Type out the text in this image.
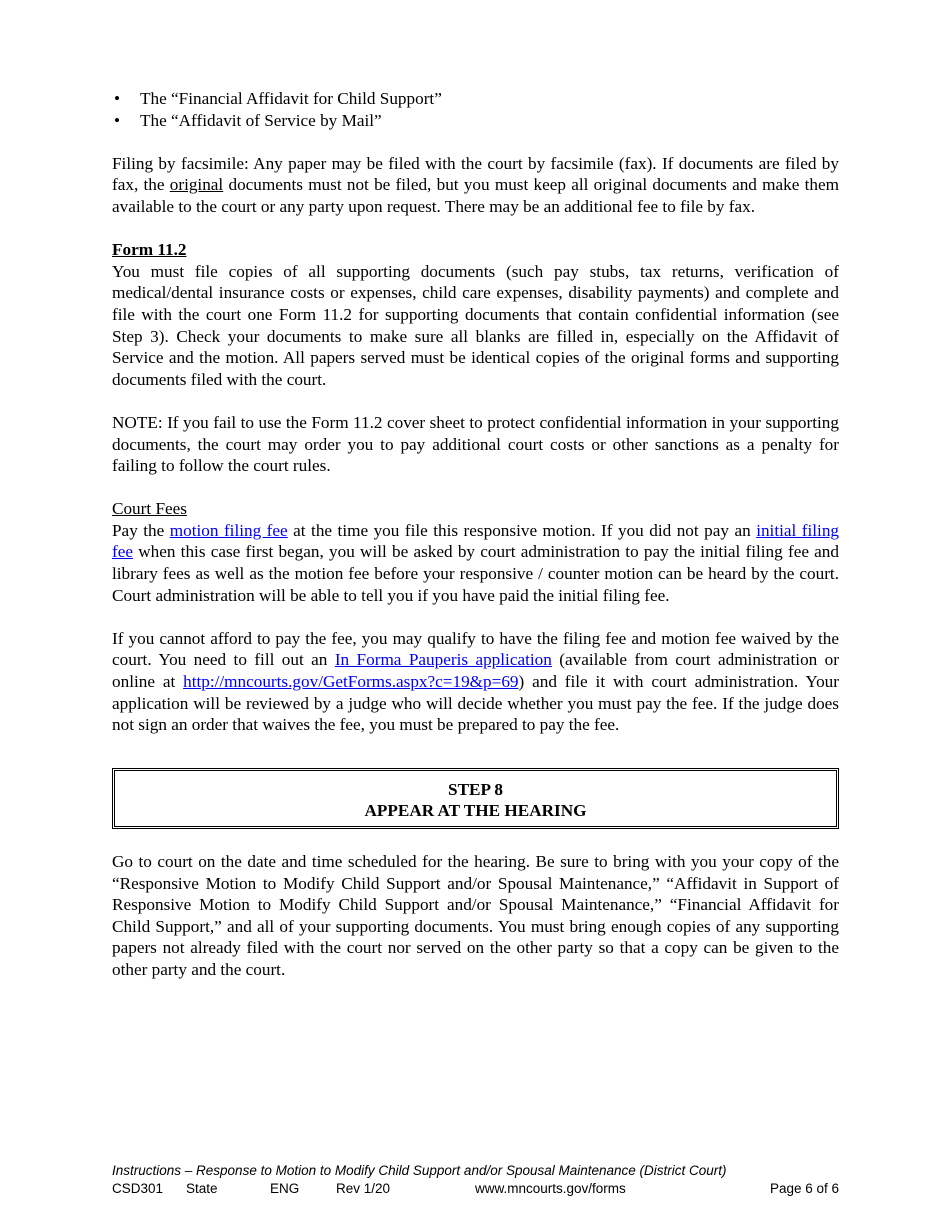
• The “Financial Affidavit for Child Support”
• The “Affidavit of Service by Mail”

Filing by facsimile: Any paper may be filed with the court by facsimile (fax). If documents are filed by fax, the original documents must not be filed, but you must keep all original documents and make them available to the court or any party upon request. There may be an additional fee to file by fax.

Form 11.2

You must file copies of all supporting documents (such pay stubs, tax returns, verification of medical/dental insurance costs or expenses, child care expenses, disability payments) and complete and file with the court one Form 11.2 for supporting documents that contain confidential information (see Step 3). Check your documents to make sure all blanks are filled in, especially on the Affidavit of Service and the motion. All papers served must be identical copies of the original forms and supporting documents filed with the court.

NOTE: If you fail to use the Form 11.2 cover sheet to protect confidential information in your supporting documents, the court may order you to pay additional court costs or other sanctions as a penalty for failing to follow the court rules.

Court Fees

Pay the motion filing fee at the time you file this responsive motion. If you did not pay an initial filing fee when this case first began, you will be asked by court administration to pay the initial filing fee and library fees as well as the motion fee before your responsive / counter motion can be heard by the court. Court administration will be able to tell you if you have paid the initial filing fee.

If you cannot afford to pay the fee, you may qualify to have the filing fee and motion fee waived by the court. You need to fill out an In Forma Pauperis application (available from court administration or online at http://mncourts.gov/GetForms.aspx?c=19&p=69) and file it with court administration. Your application will be reviewed by a judge who will decide whether you must pay the fee. If the judge does not sign an order that waives the fee, you must be prepared to pay the fee.

STEP 8
APPEAR AT THE HEARING

Go to court on the date and time scheduled for the hearing. Be sure to bring with you your copy of the “Responsive Motion to Modify Child Support and/or Spousal Maintenance,” “Affidavit in Support of Responsive Motion to Modify Child Support and/or Spousal Maintenance,” “Financial Affidavit for Child Support,” and all of your supporting documents. You must bring enough copies of any supporting papers not already filed with the court nor served on the other party so that a copy can be given to the other party and the court.

Instructions – Response to Motion to Modify Child Support and/or Spousal Maintenance (District Court)
CSD301 State	ENG	Rev 1/20	www.mncourts.gov/forms	Page 6 of 6
